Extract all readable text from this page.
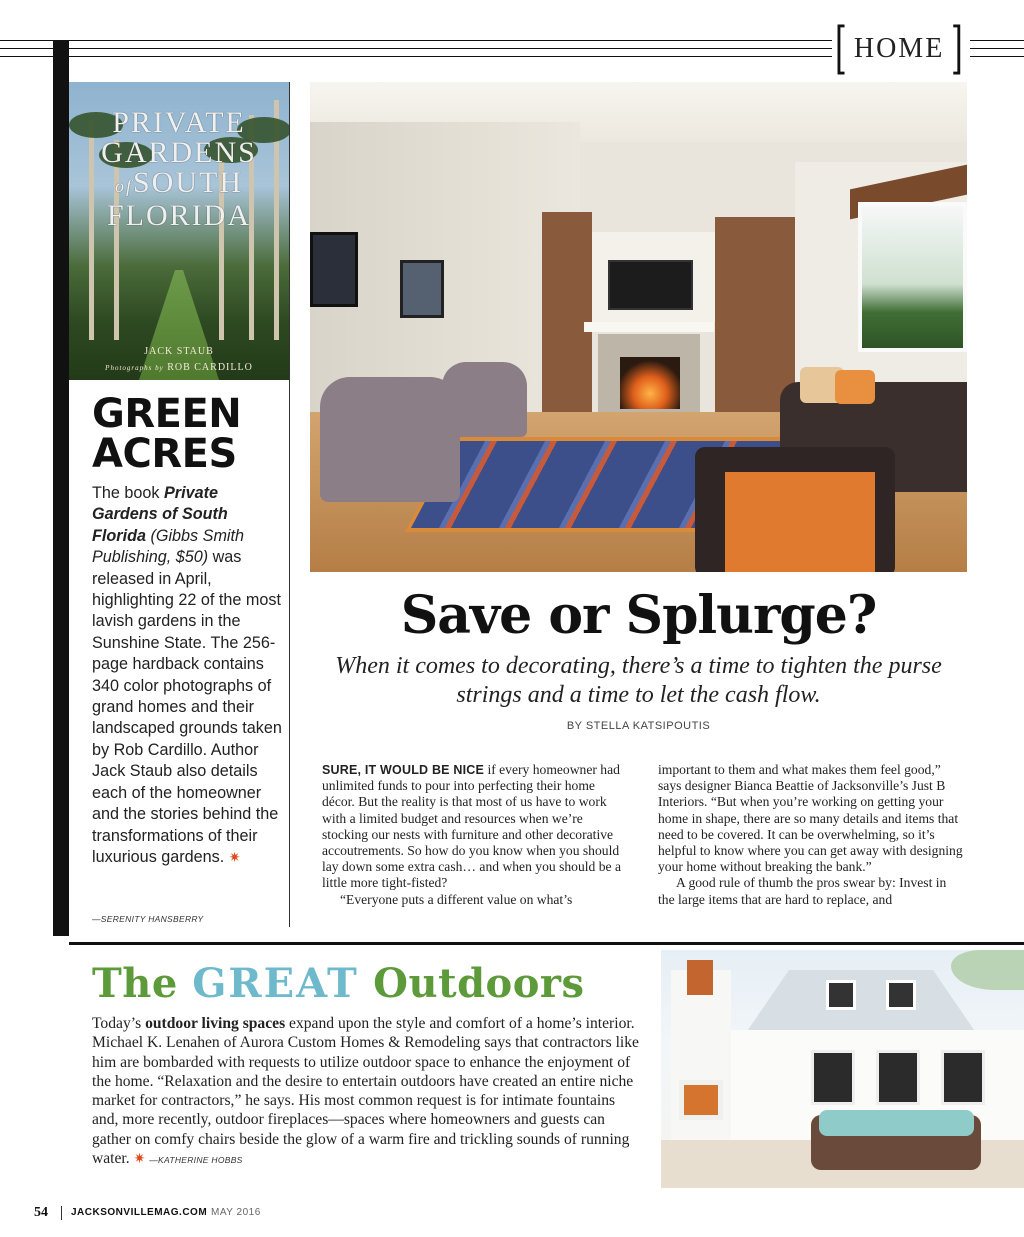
[ HOME ]
PRIVATE
GARDENS
ofSOUTH
FLORIDA
JACK STAUB
Photographs by ROB CARDILLO
GREEN
ACRES
The book Private Gardens of South Florida (Gibbs Smith Publishing, $50) was released in April, highlighting 22 of the most lavish gardens in the Sunshine State. The 256-page hardback contains 340 color photographs of grand homes and their landscaped grounds taken by Rob Cardillo. Author Jack Staub also details each of the homeowner and the stories behind the transformations of their luxurious gardens. ✷
—SERENITY HANSBERRY
Save or Splurge?
When it comes to decorating, there’s a time to tighten the purse strings and a time to let the cash flow.
BY STELLA KATSIPOUTIS

SURE, IT WOULD BE NICE if every homeowner had unlimited funds to pour into perfecting their home décor. But the reality is that most of us have to work with a limited budget and resources when we’re stocking our nests with furniture and other decorative accoutrements. So how do you know when you should lay down some extra cash… and when you should be a little more tight-fisted?

“Everyone puts a different value on what’s

important to them and what makes them feel good,” says designer Bianca Beattie of Jacksonville’s Just B Interiors. “But when you’re working on getting your home in shape, there are so many details and items that need to be covered. It can be overwhelming, so it’s helpful to know where you can get away with designing your home without breaking the bank.”

A good rule of thumb the pros swear by: Invest in the large items that are hard to replace, and

The GREAT Outdoors
Today’s outdoor living spaces expand upon the style and comfort of a home’s interior. Michael K. Lenahen of Aurora Custom Homes & Remodeling says that contractors like him are bombarded with requests to utilize outdoor space to enhance the enjoyment of the home. “Relaxation and the desire to entertain outdoors have created an entire niche market for contractors,” he says. His most common request is for intimate fountains and, more recently, outdoor fireplaces—spaces where homeowners and guests can gather on comfy chairs beside the glow of a warm fire and trickling sounds of running water. ✷ —KATHERINE HOBBS
54 JACKSONVILLEMAG.COM MAY 2016
